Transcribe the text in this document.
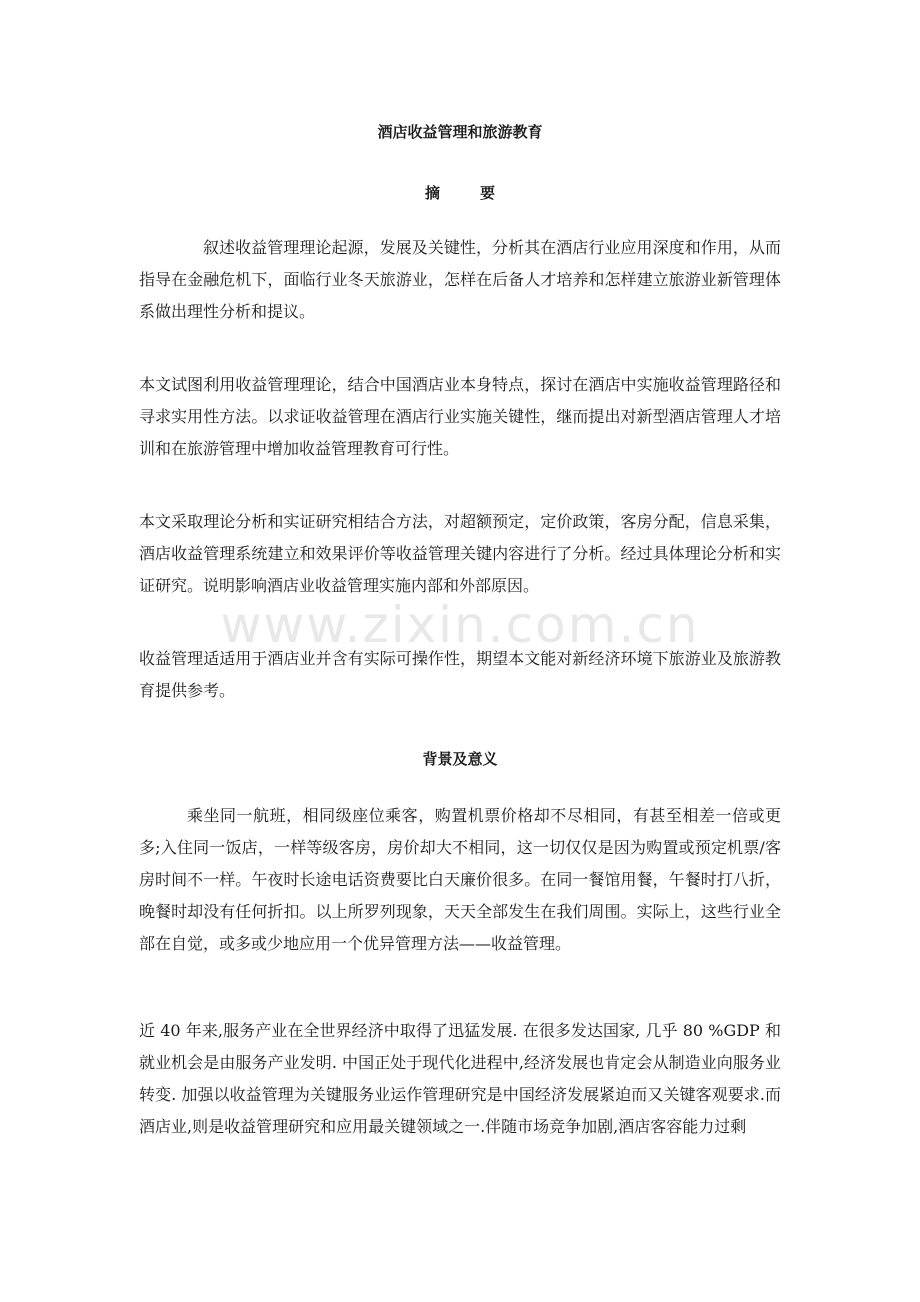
酒店收益管理和旅游教育
摘	要

叙述收益管理理论起源，发展及关键性，分析其在酒店行业应用深度和作用，从而指导在金融危机下，面临行业冬天旅游业，怎样在后备人才培养和怎样建立旅游业新管理体系做出理性分析和提议。

本文试图利用收益管理理论，结合中国酒店业本身特点，探讨在酒店中实施收益管理路径和寻求实用性方法。以求证收益管理在酒店行业实施关键性，继而提出对新型酒店管理人才培训和在旅游管理中增加收益管理教育可行性。

本文采取理论分析和实证研究相结合方法，对超额预定，定价政策，客房分配，信息采集，酒店收益管理系统建立和效果评价等收益管理关键内容进行了分析。经过具体理论分析和实证研究。说明影响酒店业收益管理实施内部和外部原因。

收益管理适适用于酒店业并含有实际可操作性，期望本文能对新经济环境下旅游业及旅游教育提供参考。

背景及意义

乘坐同一航班，相同级座位乘客，购置机票价格却不尽相同，有甚至相差一倍或更多;入住同一饭店，一样等级客房，房价却大不相同，这一切仅仅是因为购置或预定机票/客房时间不一样。午夜时长途电话资费要比白天廉价很多。在同一餐馆用餐，午餐时打八折，晚餐时却没有任何折扣。以上所罗列现象，天天全部发生在我们周围。实际上，这些行业全部在自觉，或多或少地应用一个优异管理方法——收益管理。

近 40 年来,服务产业在全世界经济中取得了迅猛发展. 在很多发达国家, 几乎 80 %GDP 和就业机会是由服务产业发明. 中国正处于现代化进程中,经济发展也肯定会从制造业向服务业转变. 加强以收益管理为关键服务业运作管理研究是中国经济发展紧迫而又关键客观要求.而酒店业,则是收益管理研究和应用最关键领域之一.伴随市场竞争加剧,酒店客容能力过剩

www.zixin.com.cn
